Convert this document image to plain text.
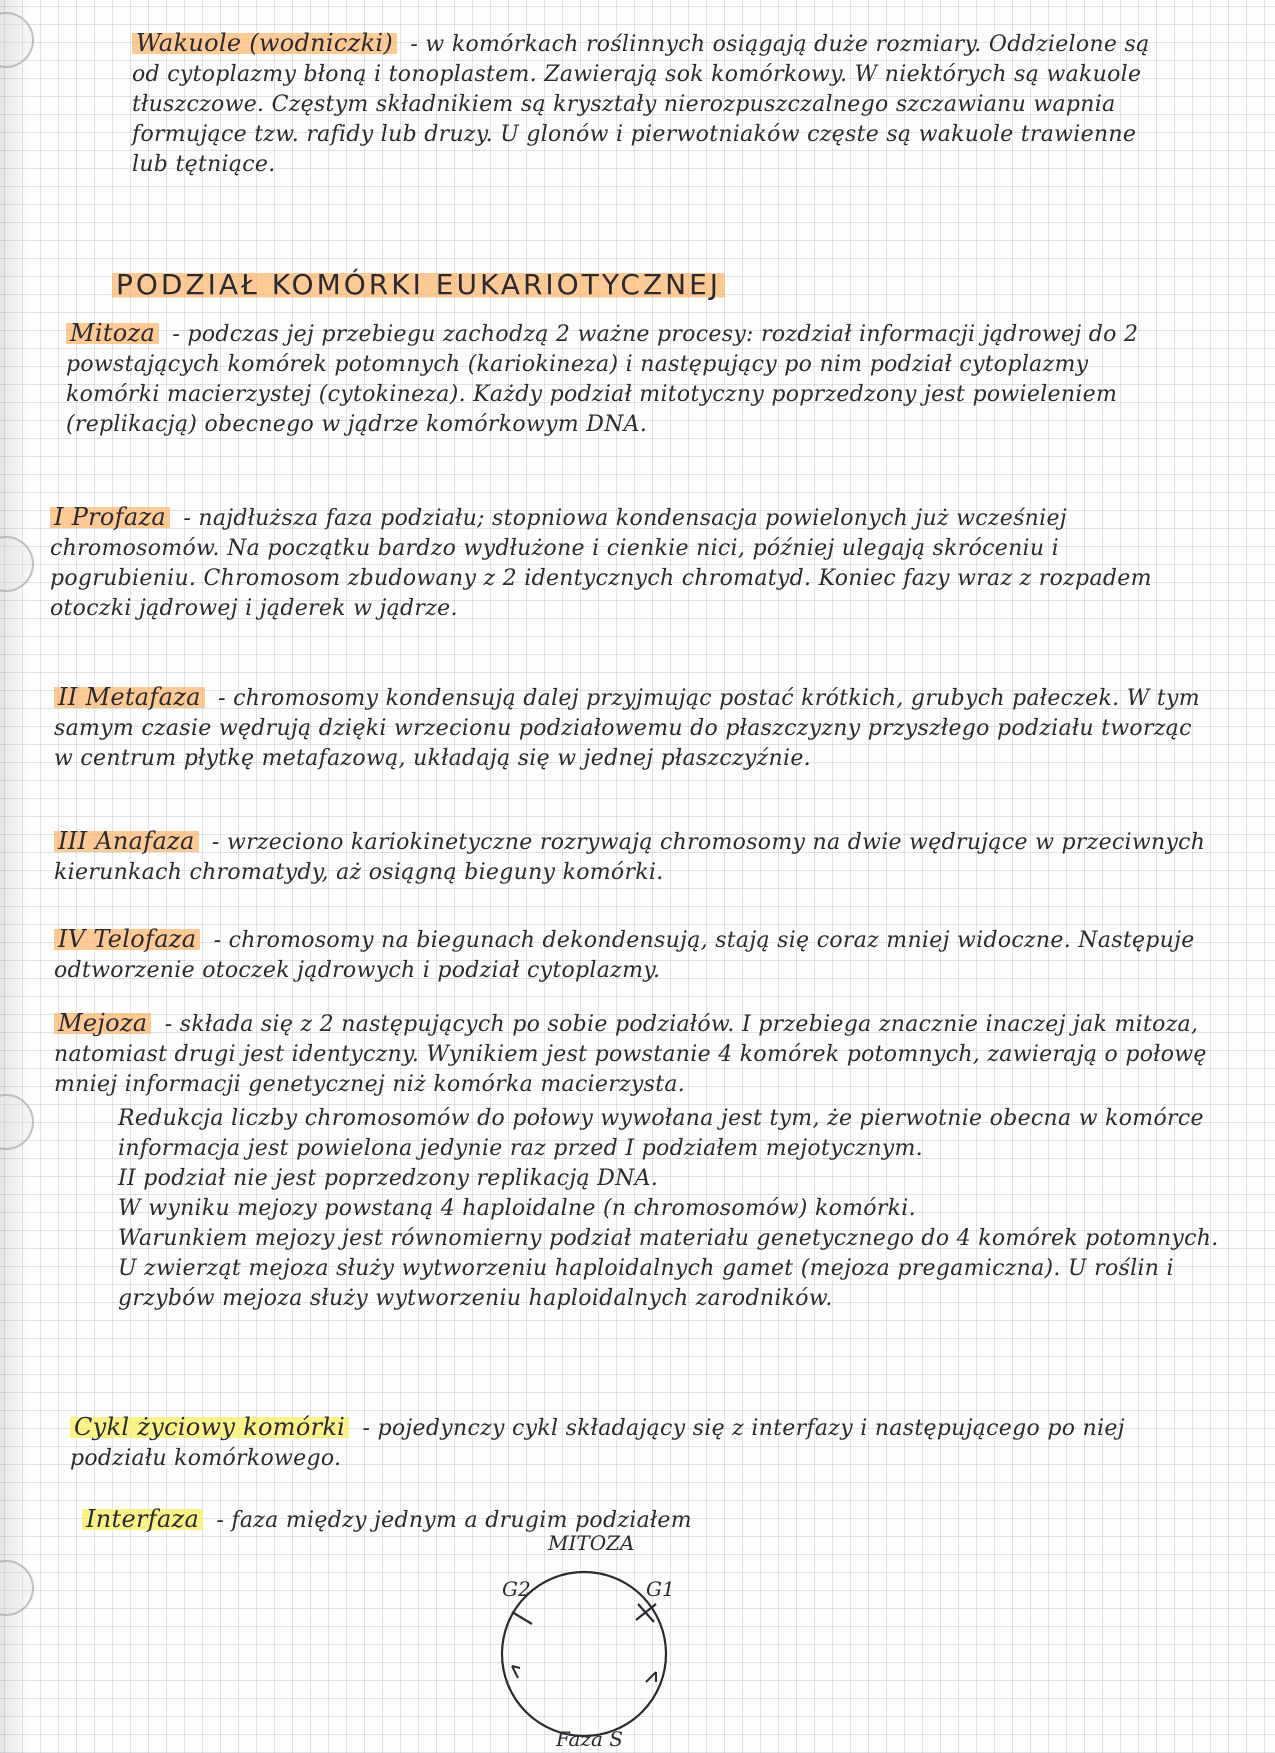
Wakuole (wodniczki) - w komórkach roślinnych osiągają duże rozmiary. Oddzielone są od cytoplazmy błoną i tonoplastem. Zawierają sok komórkowy. W niektórych są wakuole tłuszczowe. Częstym składnikiem są kryształy nierozpuszczalnego szczawianu wapnia formujące tzw. rafidy lub druzy. U glonów i pierwotniaków częste są wakuole trawienne lub tętniące.
PODZIAŁ KOMÓRKI EUKARIOTYCZNEJ
Mitoza - podczas jej przebiegu zachodzą 2 ważne procesy: rozdział informacji jądrowej do 2 powstających komórek potomnych (kariokineza) i następujący po nim podział cytoplazmy komórki macierzystej (cytokineza). Każdy podział mitotyczny poprzedzony jest powieleniem (replikacją) obecnego w jądrze komórkowym DNA.
I Profaza - najdłuższa faza podziału; stopniowa kondensacja powielonych już wcześniej chromosomów. Na początku bardzo wydłużone i cienkie nici, później ulegają skróceniu i pogrubieniu. Chromosom zbudowany z 2 identycznych chromatyd. Koniec fazy wraz z rozpadem otoczki jądrowej i jąderek w jądrze.
II Metafaza - chromosomy kondensują dalej przyjmując postać krótkich, grubych pałeczek. W tym samym czasie wędrują dzięki wrzecionu podziałowemu do płaszczyzny przyszłego podziału tworząc w centrum płytkę metafazową, układają się w jednej płaszczyźnie.
III Anafaza - wrzeciono kariokinetyczne rozrywają chromosomy na dwie wędrujące w przeciwnych kierunkach chromatydy, aż osiągną bieguny komórki.
IV Telofaza - chromosomy na biegunach dekondensują, stają się coraz mniej widoczne. Następuje odtworzenie otoczek jądrowych i podział cytoplazmy.
Mejoza - składa się z 2 następujących po sobie podziałów. I przebiega znacznie inaczej jak mitoza, natomiast drugi jest identyczny. Wynikiem jest powstanie 4 komórek potomnych, zawierają o połowę mniej informacji genetycznej niż komórka macierzysta.
Redukcja liczby chromosomów do połowy wywołana jest tym, że pierwotnie obecna w komórce informacja jest powielona jedynie raz przed I podziałem mejotycznym.
II podział nie jest poprzedzony replikacją DNA.
W wyniku mejozy powstaną 4 haploidalne (n chromosomów) komórki.
Warunkiem mejozy jest równomierny podział materiału genetycznego do 4 komórek potomnych.
U zwierząt mejoza służy wytworzeniu haploidalnych gamet (mejoza pregamiczna). U roślin i grzybów mejoza służy wytworzeniu haploidalnych zarodników.
Cykl życiowy komórki - pojedynczy cykl składający się z interfazy i następującego po niej podziału komórkowego.
Interfaza - faza między jednym a drugim podziałem
MITOZA
G2	G1
Faza S
